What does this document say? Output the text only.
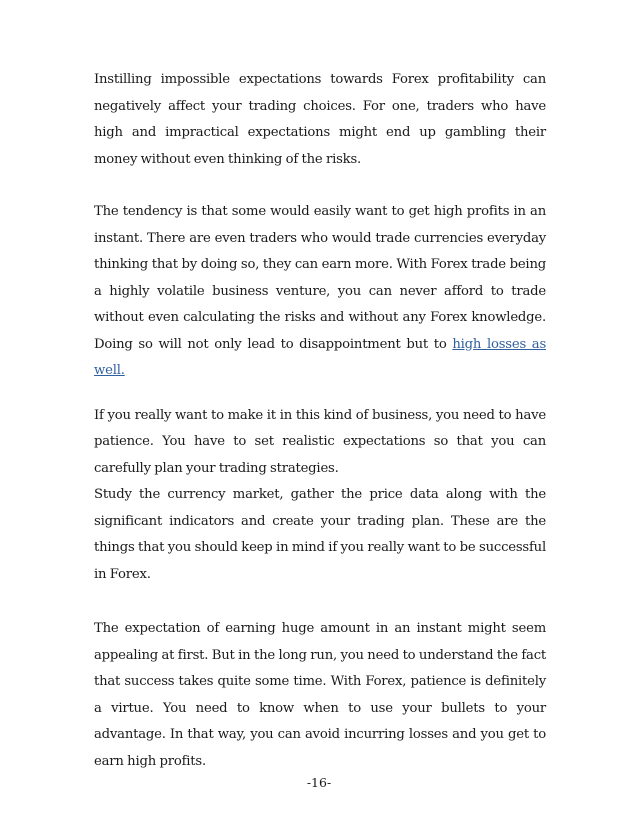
Instilling impossible expectations towards Forex profitability can negatively affect your trading choices. For one, traders who have high and impractical expectations might end up gambling their money without even thinking of the risks.

The tendency is that some would easily want to get high profits in an instant. There are even traders who would trade currencies everyday thinking that by doing so, they can earn more. With Forex trade being a highly volatile business venture, you can never afford to trade without even calculating the risks and without any Forex knowledge. Doing so will not only lead to disappointment but to high losses as well.

If you really want to make it in this kind of business, you need to have patience. You have to set realistic expectations so that you can carefully plan your trading strategies.

Study the currency market, gather the price data along with the significant indicators and create your trading plan. These are the things that you should keep in mind if you really want to be successful in Forex.

The expectation of earning huge amount in an instant might seem appealing at first. But in the long run, you need to understand the fact that success takes quite some time. With Forex, patience is definitely a virtue. You need to know when to use your bullets to your advantage. In that way, you can avoid incurring losses and you get to earn high profits.

-16-
